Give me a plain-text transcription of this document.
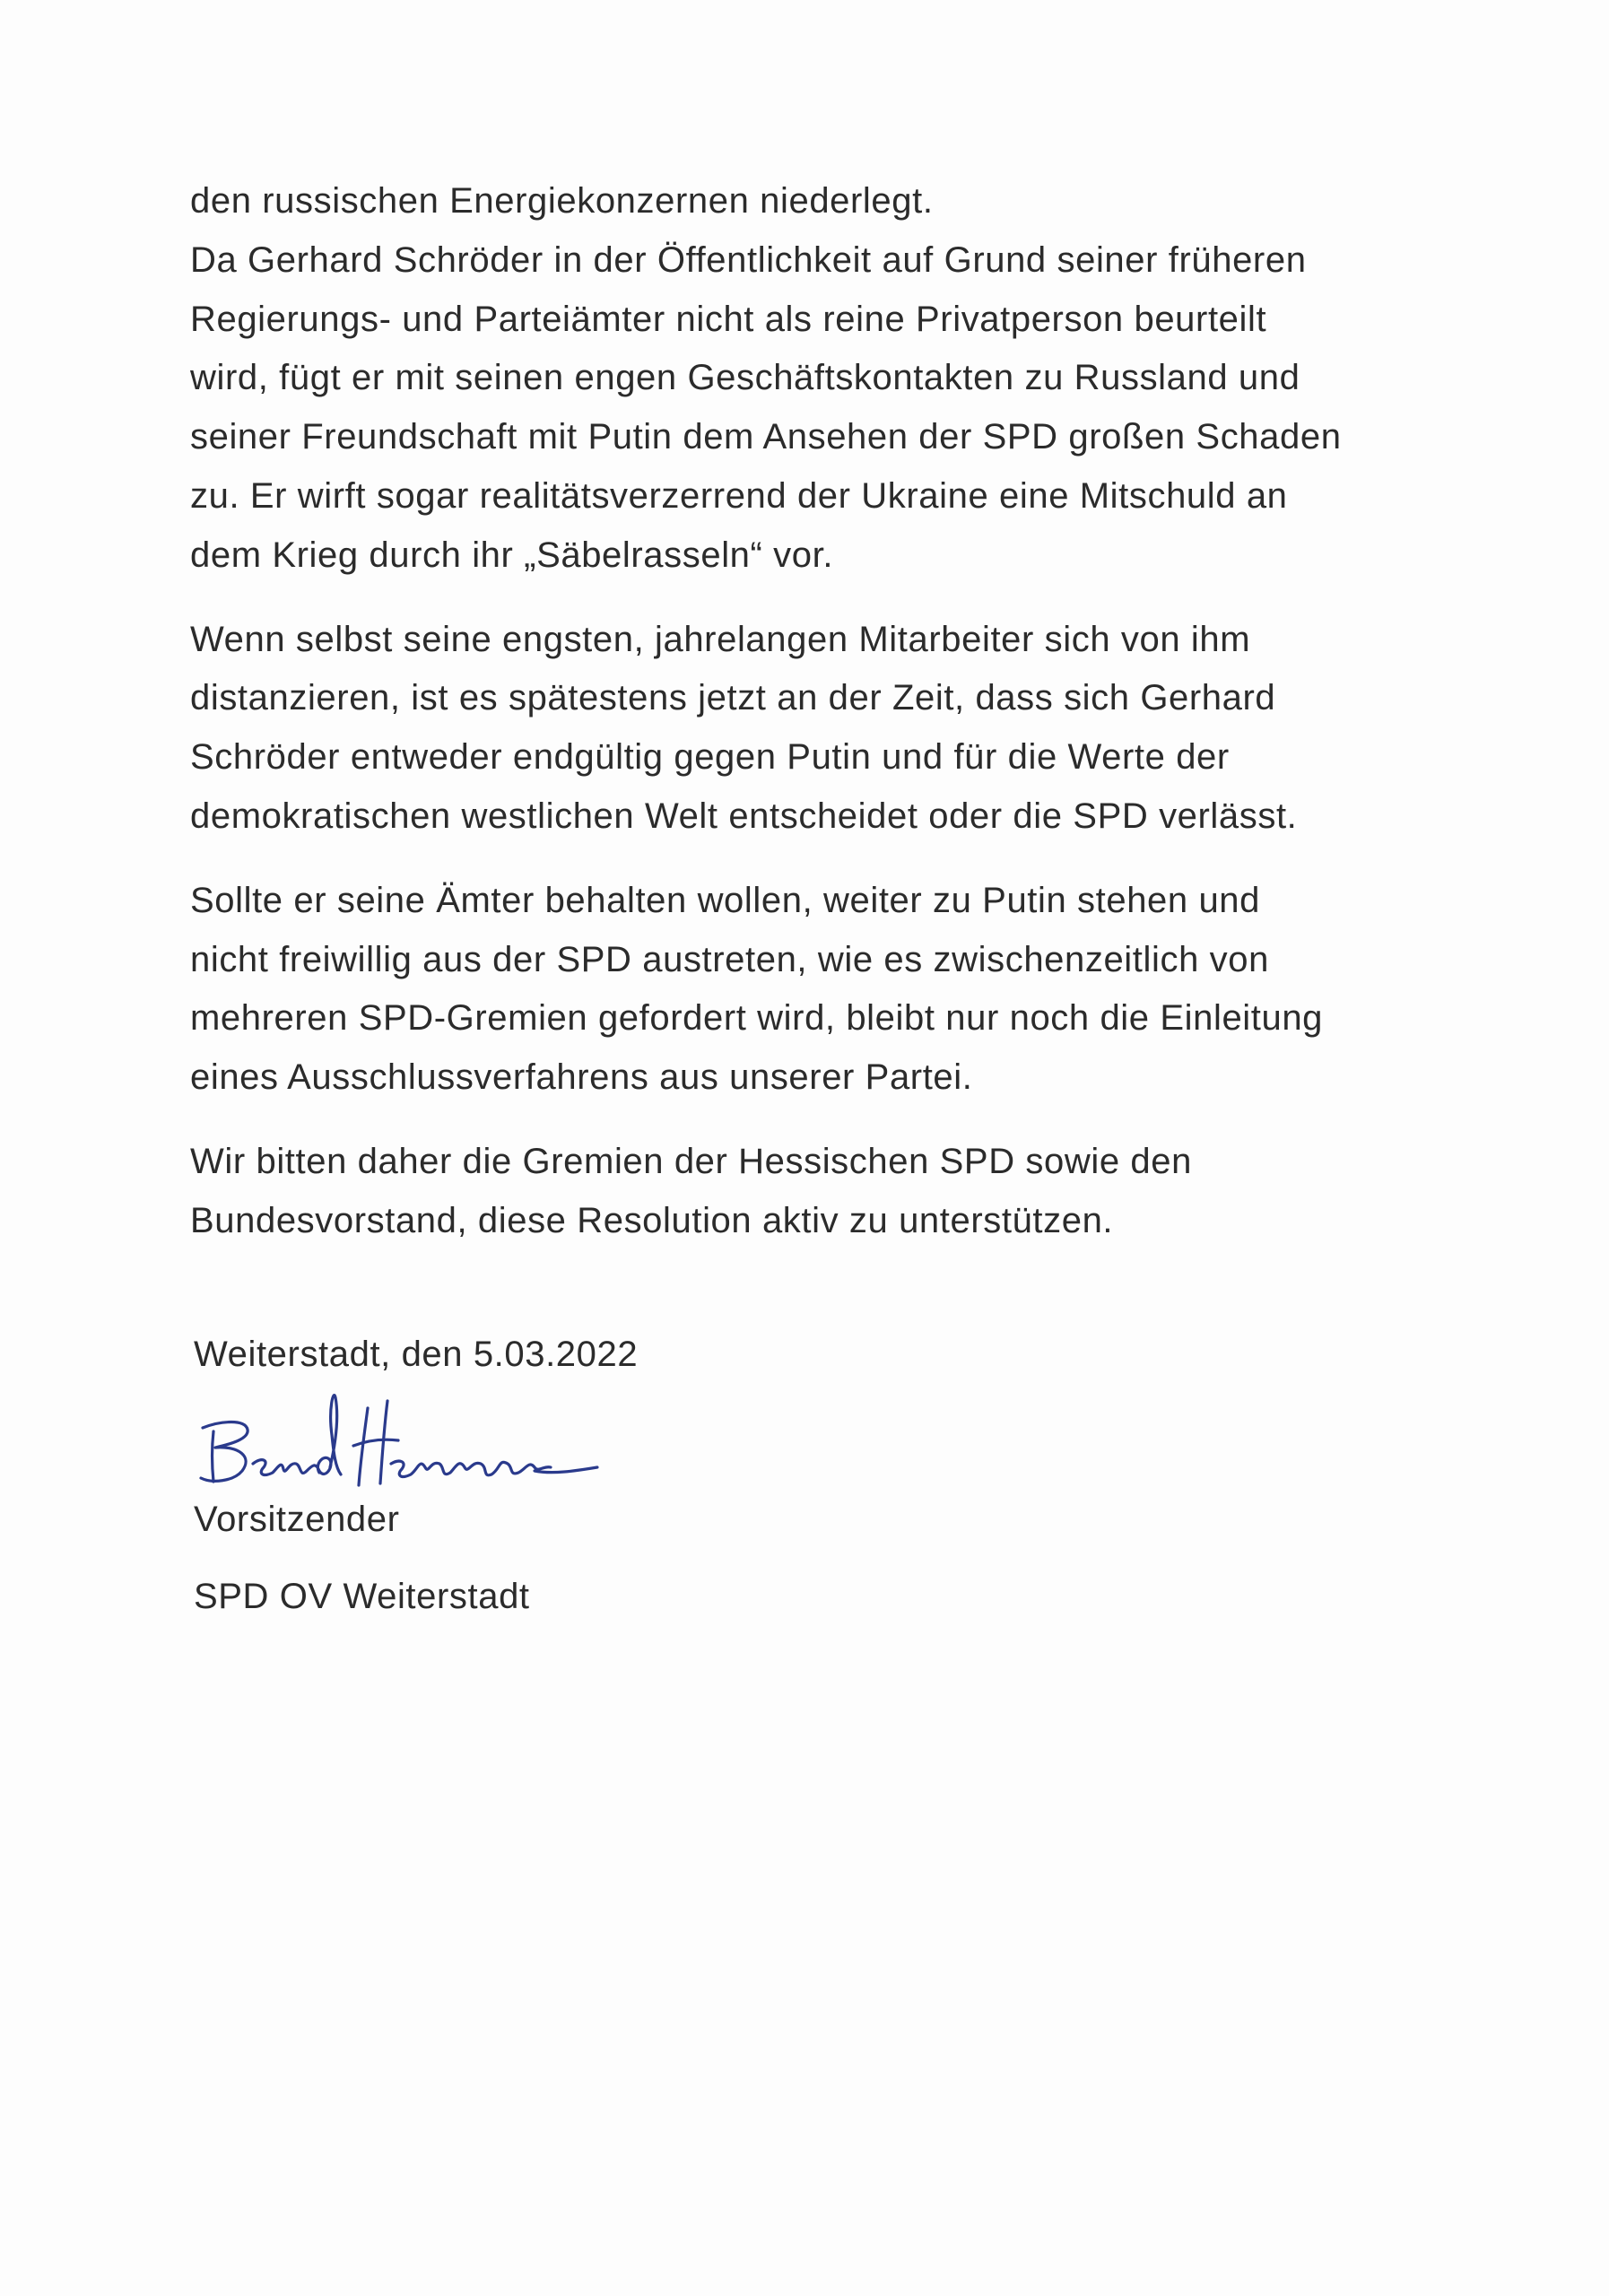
den russischen Energiekonzernen niederlegt.
Da Gerhard Schröder in der Öffentlichkeit auf Grund seiner früheren
Regierungs- und Parteiämter nicht als reine Privatperson beurteilt
wird, fügt er mit seinen engen Geschäftskontakten zu Russland und
seiner Freundschaft mit Putin dem Ansehen der SPD großen Schaden
zu. Er wirft sogar realitätsverzerrend der Ukraine eine Mitschuld an
dem Krieg durch ihr „Säbelrasseln“ vor.

Wenn selbst seine engsten, jahrelangen Mitarbeiter sich von ihm
distanzieren, ist es spätestens jetzt an der Zeit, dass sich Gerhard
Schröder entweder endgültig gegen Putin und für die Werte der
demokratischen westlichen Welt entscheidet oder die SPD verlässt.

Sollte er seine Ämter behalten wollen, weiter zu Putin stehen und
nicht freiwillig aus der SPD austreten, wie es zwischenzeitlich von
mehreren SPD-Gremien gefordert wird, bleibt nur noch die Einleitung
eines Ausschlussverfahrens aus unserer Partei.

Wir bitten daher die Gremien der Hessischen SPD sowie den
Bundesvorstand, diese Resolution aktiv zu unterstützen.

Weiterstadt, den 5.03.2022
Vorsitzender
SPD OV Weiterstadt
